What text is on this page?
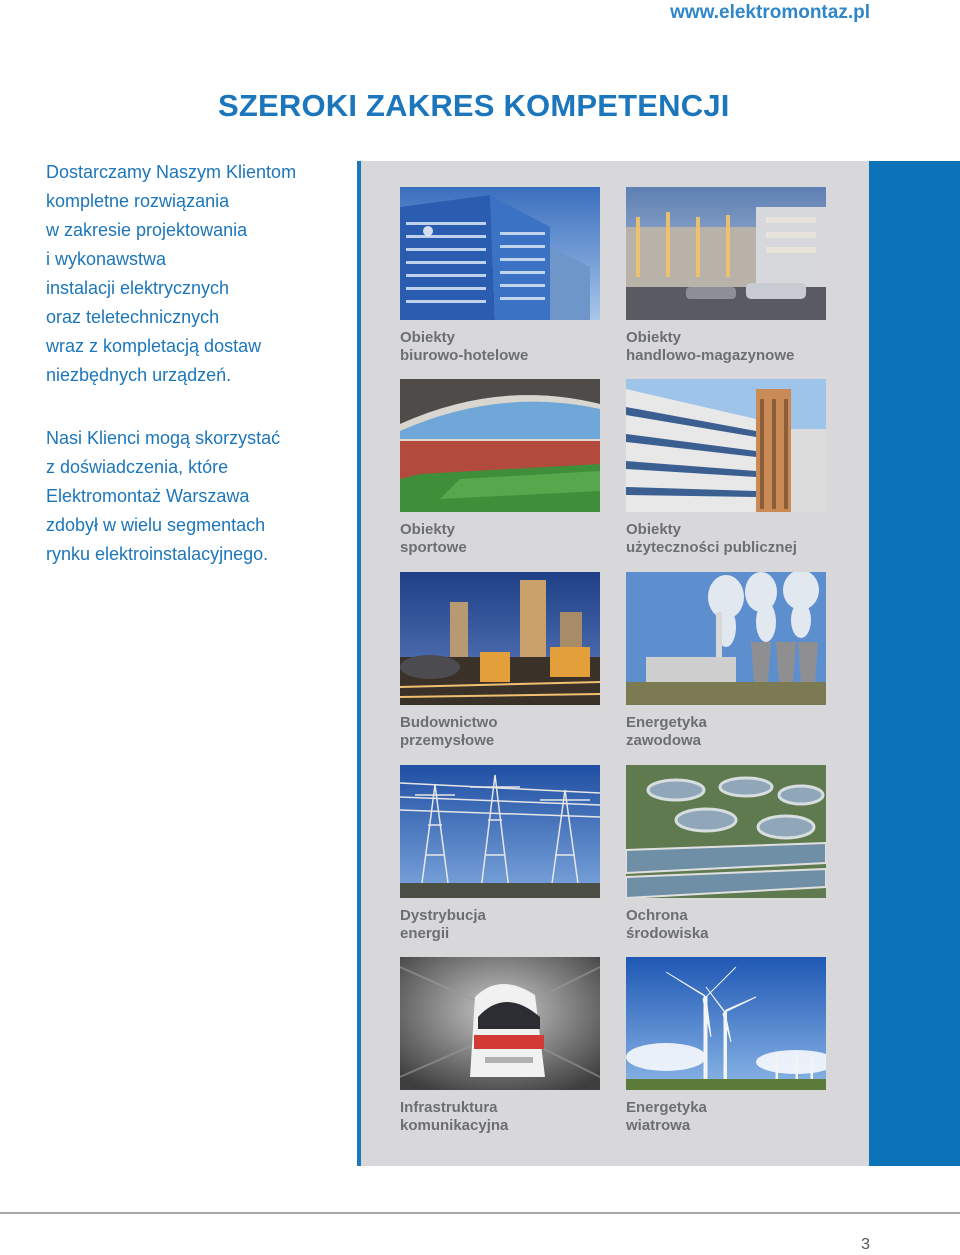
www.elektromontaz.pl
SZEROKI ZAKRES KOMPETENCJI

Dostarczamy Naszym Klientom
kompletne rozwiązania
w zakresie projektowania
i wykonawstwa
instalacji elektrycznych
oraz teletechnicznych
wraz z kompletacją dostaw
niezbędnych urządzeń.

Nasi Klienci mogą skorzystać
z doświadczenia, które
Elektromontaż Warszawa
zdobył w wielu segmentach
rynku elektroinstalacyjnego.

Obiekty
biurowo-hotelowe
Obiekty
handlowo-magazynowe
Obiekty
sportowe
Obiekty
użyteczności publicznej
Budownictwo
przemysłowe
Energetyka
zawodowa
Dystrybucja
energii
Ochrona
środowiska
Infrastruktura
komunikacyjna
Energetyka
wiatrowa
3
